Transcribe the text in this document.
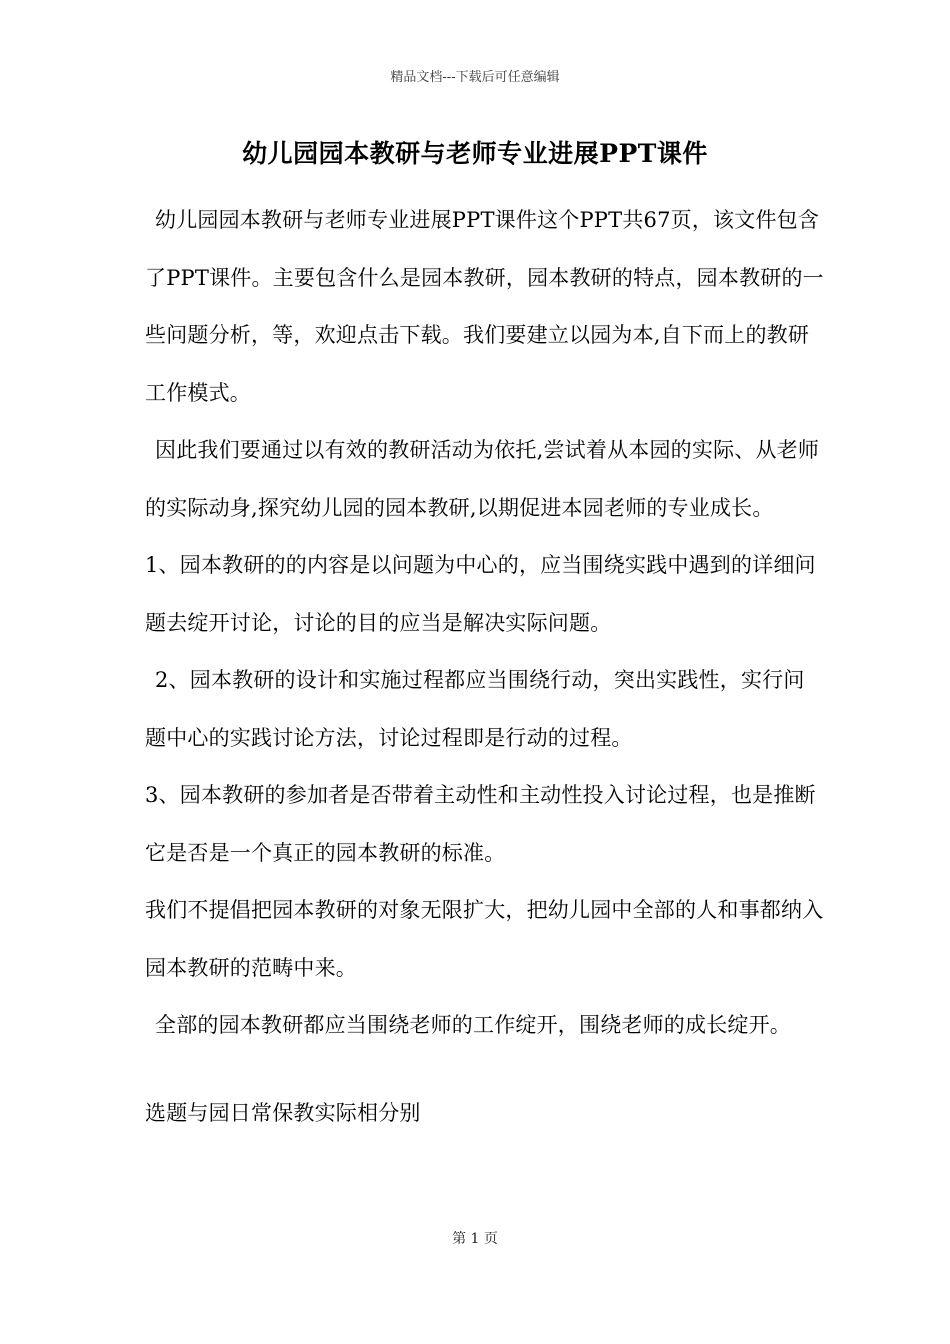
精品文档---下载后可任意编辑
幼儿园园本教研与老师专业进展PPT课件

幼儿园园本教研与老师专业进展PPT课件这个PPT共67页，该文件包含了PPT课件。主要包含什么是园本教研，园本教研的特点，园本教研的一些问题分析，等，欢迎点击下载。我们要建立以园为本,自下而上的教研工作模式。

因此我们要通过以有效的教研活动为依托,尝试着从本园的实际、从老师的实际动身,探究幼儿园的园本教研,以期促进本园老师的专业成长。

1、园本教研的的内容是以问题为中心的，应当围绕实践中遇到的详细问题去绽开讨论，讨论的目的应当是解决实际问题。

2、园本教研的设计和实施过程都应当围绕行动，突出实践性，实行问题中心的实践讨论方法，讨论过程即是行动的过程。

3、园本教研的参加者是否带着主动性和主动性投入讨论过程，也是推断它是否是一个真正的园本教研的标准。

我们不提倡把园本教研的对象无限扩大，把幼儿园中全部的人和事都纳入园本教研的范畴中来。

全部的园本教研都应当围绕老师的工作绽开，围绕老师的成长绽开。

选题与园日常保教实际相分别

第 1 页
